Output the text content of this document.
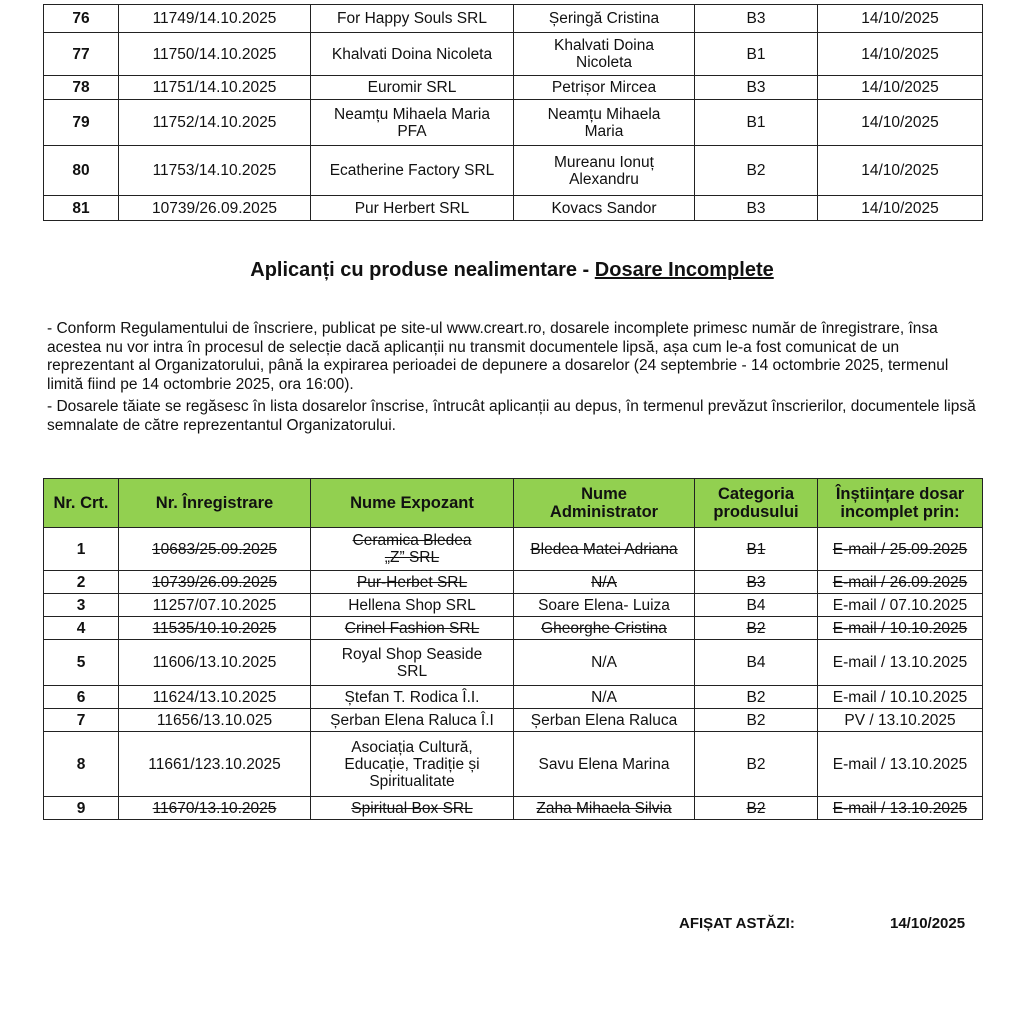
76	11749/14.10.2025	For Happy Souls SRL	Șeringă Cristina	B3	14/10/2025
77	11750/14.10.2025	Khalvati Doina Nicoleta	Khalvati Doina Nicoleta	B1	14/10/2025
78	11751/14.10.2025	Euromir SRL	Petrișor Mircea	B3	14/10/2025
79	11752/14.10.2025	Neamțu Mihaela Maria PFA	Neamțu Mihaela Maria	B1	14/10/2025
80	11753/14.10.2025	Ecatherine Factory SRL	Mureanu Ionuț Alexandru	B2	14/10/2025
81	10739/26.09.2025	Pur Herbert SRL	Kovacs Sandor	B3	14/10/2025
Aplicanți cu produse nealimentare - Dosare Incomplete

- Conform Regulamentului de înscriere, publicat pe site-ul www.creart.ro, dosarele incomplete primesc număr de înregistrare, însa acestea nu vor intra în procesul de selecție dacă aplicanții nu transmit documentele lipsă, așa cum le-a fost comunicat de un reprezentant al Organizatorului, până la expirarea perioadei de depunere a dosarelor (24 septembrie - 14 octombrie 2025, termenul limită fiind pe 14 octombrie 2025, ora 16:00).

- Dosarele tăiate se regăsesc în lista dosarelor înscrise, întrucât aplicanții au depus, în termenul prevăzut înscrierilor, documentele lipsă semnalate de către reprezentantul Organizatorului.

Nr. Crt.	Nr. Înregistrare	Nume Expozant	Nume Administrator	Categoria produsului	Înștiințare dosar incomplet prin:
1	10683/25.09.2025	Ceramica Bledea „Z” SRL	Bledea Matei Adriana	B1	E-mail / 25.09.2025
2	10739/26.09.2025	Pur-Herbet SRL	N/A	B3	E-mail / 26.09.2025
3	11257/07.10.2025	Hellena Shop SRL	Soare Elena- Luiza	B4	E-mail / 07.10.2025
4	11535/10.10.2025	Crinel Fashion SRL	Gheorghe Cristina	B2	E-mail / 10.10.2025
5	11606/13.10.2025	Royal Shop Seaside SRL	N/A	B4	E-mail / 13.10.2025
6	11624/13.10.2025	Ștefan T. Rodica Î.I.	N/A	B2	E-mail / 10.10.2025
7	11656/13.10.025	Șerban Elena Raluca Î.I	Șerban Elena Raluca	B2	PV / 13.10.2025
8	11661/123.10.2025	Asociația Cultură, Educație, Tradiție și Spiritualitate	Savu Elena Marina	B2	E-mail / 13.10.2025
9	11670/13.10.2025	Spiritual Box SRL	Zaha Mihaela Silvia	B2	E-mail / 13.10.2025
AFIȘAT ASTĂZI:	14/10/2025
